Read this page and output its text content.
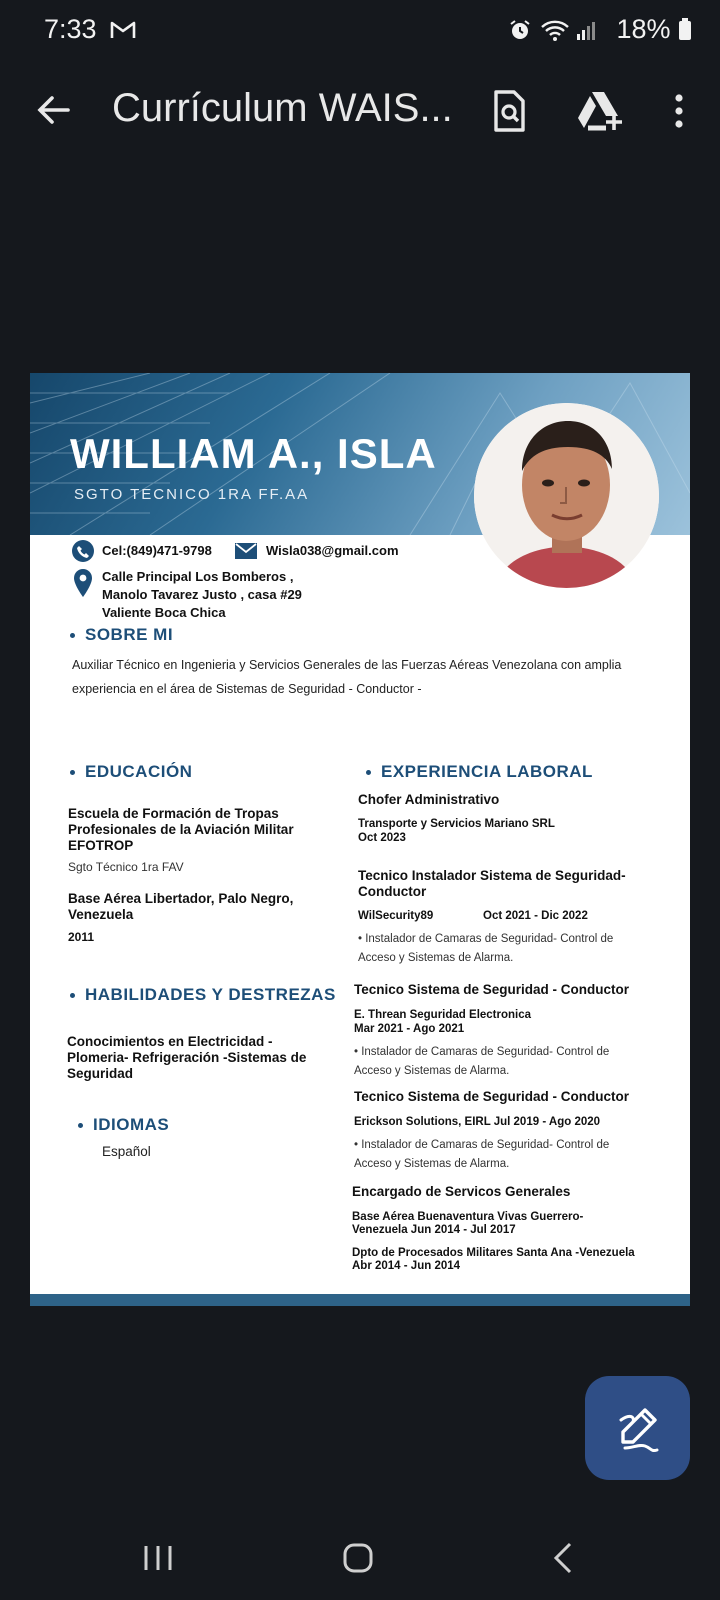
7:33
	18%
Currículum WAIS...
WILLIAM A., ISLA
SGTO TECNICO 1RA FF.AA
Cel:(849)471-9798	Wisla038@gmail.com
Calle Principal Los Bomberos ,
Manolo Tavarez Justo , casa #29
Valiente Boca Chica
SOBRE MI
Auxiliar Técnico en Ingenieria y Servicios Generales de las Fuerzas Aéreas Venezolana con amplia
experiencia en el área de Sistemas de Seguridad - Conductor -
EDUCACIÓN
Escuela de Formación de Tropas
Profesionales de la Aviación Militar
EFOTROP
Sgto Técnico 1ra FAV
Base Aérea Libertador, Palo Negro,
Venezuela
2011
HABILIDADES Y DESTREZAS
Conocimientos en Electricidad -
Plomeria- Refrigeración -Sistemas de
Seguridad
IDIOMAS
Español
EXPERIENCIA LABORAL
Chofer Administrativo
Transporte y Servicios Mariano SRL
Oct 2023
Tecnico Instalador Sistema de Seguridad-
Conductor
WilSecurity89	Oct 2021 - Dic 2022
• Instalador de Camaras de Seguridad- Control de
Acceso y Sistemas de Alarma.
Tecnico Sistema de Seguridad - Conductor
E. Threan Seguridad Electronica
Mar 2021 - Ago 2021
• Instalador de Camaras de Seguridad- Control de
Acceso y Sistemas de Alarma.
Tecnico Sistema de Seguridad - Conductor
Erickson Solutions, EIRL Jul 2019 - Ago 2020
• Instalador de Camaras de Seguridad- Control de
Acceso y Sistemas de Alarma.
Encargado de Servicos Generales
Base Aérea Buenaventura Vivas Guerrero-
Venezuela Jun 2014 - Jul 2017
Dpto de Procesados Militares Santa Ana -Venezuela
Abr 2014 - Jun 2014
